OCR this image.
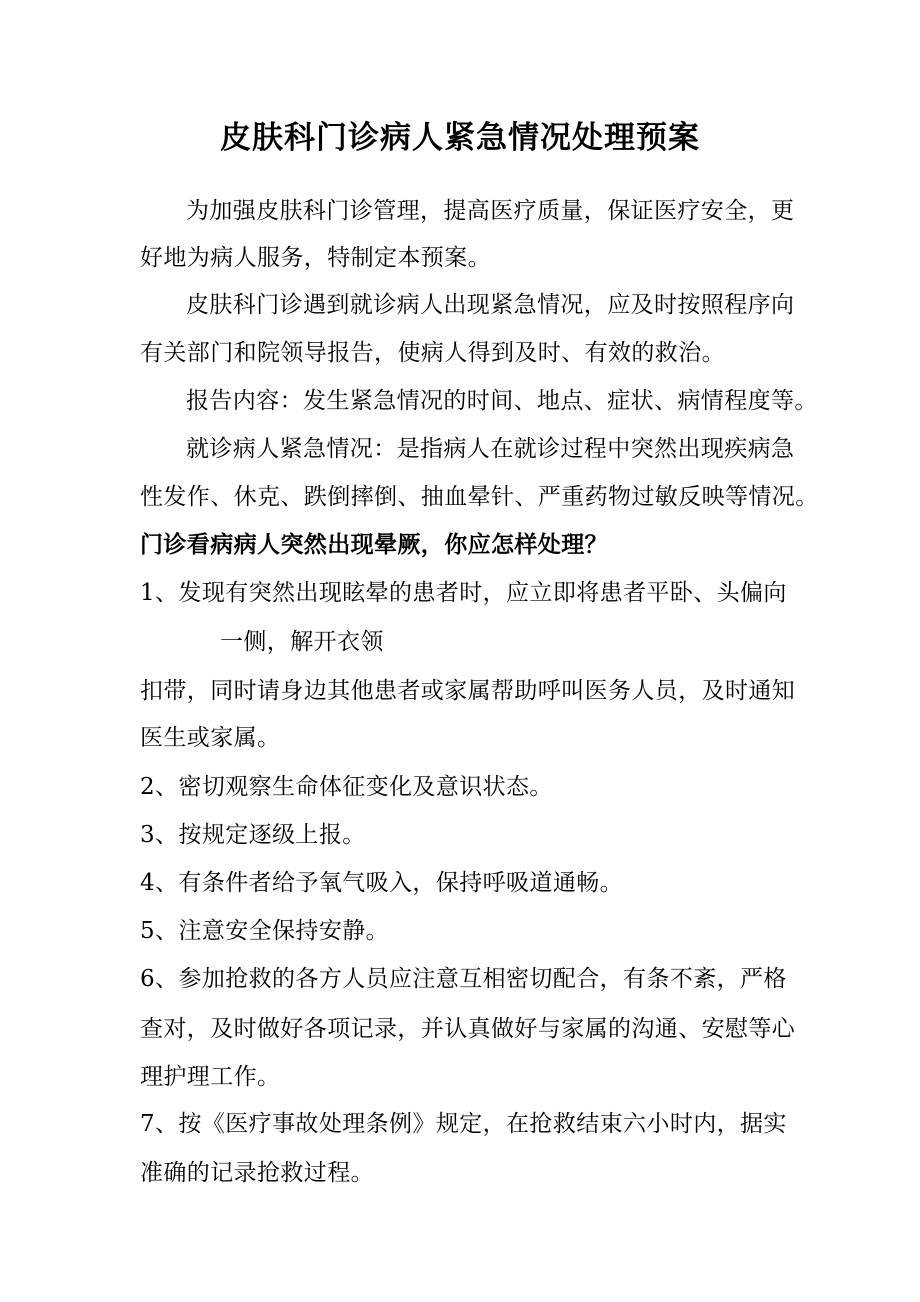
皮肤科门诊病人紧急情况处理预案
为加强皮肤科门诊管理，提高医疗质量，保证医疗安全，更
好地为病人服务，特制定本预案。
皮肤科门诊遇到就诊病人出现紧急情况，应及时按照程序向
有关部门和院领导报告，使病人得到及时、有效的救治。
报告内容：发生紧急情况的时间、地点、症状、病情程度等。
就诊病人紧急情况：是指病人在就诊过程中突然出现疾病急
性发作、休克、跌倒摔倒、抽血晕针、严重药物过敏反映等情况。
门诊看病病人突然出现晕厥，你应怎样处理？
1、发现有突然出现眩晕的患者时，应立即将患者平卧、头偏向
一侧，解开衣领
扣带，同时请身边其他患者或家属帮助呼叫医务人员，及时通知
医生或家属。
2、密切观察生命体征变化及意识状态。
3、按规定逐级上报。
4、有条件者给予氧气吸入，保持呼吸道通畅。
5、注意安全保持安静。
6、参加抢救的各方人员应注意互相密切配合，有条不紊，严格
查对，及时做好各项记录，并认真做好与家属的沟通、安慰等心
理护理工作。
7、按《医疗事故处理条例》规定，在抢救结束六小时内，据实
准确的记录抢救过程。
